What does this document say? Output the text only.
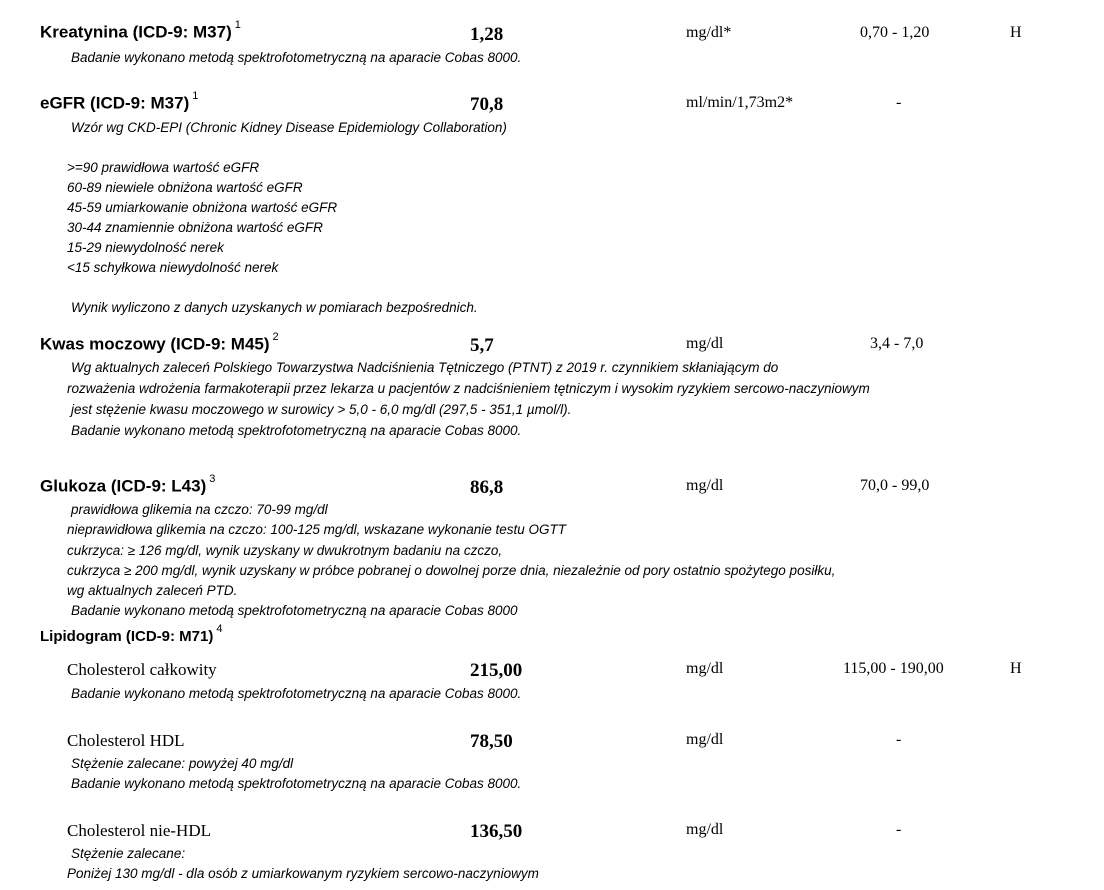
Kreatynina (ICD-9: M37) $^1$	1,28	mg/dl*	0,70 - 1,20	H
Badanie wykonano metodą spektrofotometryczną na aparacie Cobas 8000.
eGFR (ICD-9: M37) $^1$	70,8	ml/min/1,73m2*	-
Wzór wg CKD-EPI (Chronic Kidney Disease Epidemiology Collaboration)
>=90 prawidłowa wartość eGFR
60-89 niewiele obniżona wartość eGFR
45-59 umiarkowanie obniżona wartość eGFR
30-44 znamiennie obniżona wartość eGFR
15-29 niewydolność nerek
<15 schyłkowa niewydolność nerek
Wynik wyliczono z danych uzyskanych w pomiarach bezpośrednich.
Kwas moczowy (ICD-9: M45) $^2$	5,7	mg/dl	3,4 - 7,0
Wg aktualnych zaleceń Polskiego Towarzystwa Nadciśnienia Tętniczego (PTNT) z 2019 r. czynnikiem skłaniającym do
rozważenia wdrożenia farmakoterapii przez lekarza u pacjentów z nadciśnieniem tętniczym i wysokim ryzykiem sercowo-naczyniowym
jest stężenie kwasu moczowego w surowicy > 5,0 - 6,0 mg/dl (297,5 - 351,1 µmol/l).
Badanie wykonano metodą spektrofotometryczną na aparacie Cobas 8000.
Glukoza (ICD-9: L43) $^3$	86,8	mg/dl	70,0 - 99,0
prawidłowa glikemia na czczo: 70-99 mg/dl
nieprawidłowa glikemia na czczo: 100-125 mg/dl, wskazane wykonanie testu OGTT
cukrzyca: ≥ 126 mg/dl, wynik uzyskany w dwukrotnym badaniu na czczo,
cukrzyca ≥ 200 mg/dl, wynik uzyskany w próbce pobranej o dowolnej porze dnia, niezależnie od pory ostatnio spożytego posiłku,
wg aktualnych zaleceń PTD.
Badanie wykonano metodą spektrofotometryczną na aparacie Cobas 8000
Lipidogram (ICD-9: M71) $^4$
Cholesterol całkowity	215,00	mg/dl	115,00 - 190,00	H
Badanie wykonano metodą spektrofotometryczną na aparacie Cobas 8000.
Cholesterol HDL	78,50	mg/dl	-
Stężenie zalecane: powyżej 40 mg/dl
Badanie wykonano metodą spektrofotometryczną na aparacie Cobas 8000.
Cholesterol nie-HDL	136,50	mg/dl	-
Stężenie zalecane:
Poniżej 130 mg/dl - dla osób z umiarkowanym ryzykiem sercowo-naczyniowym
